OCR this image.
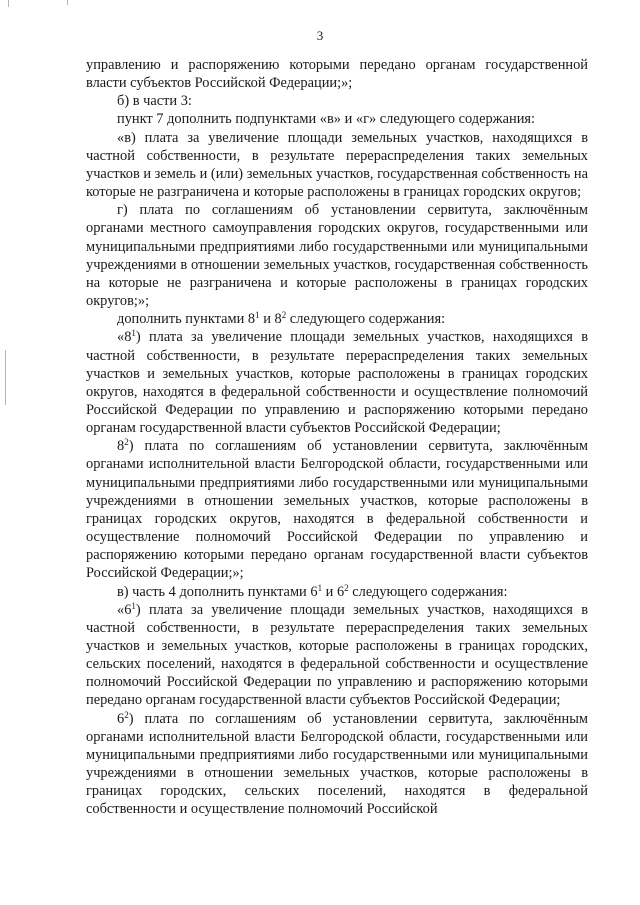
3

управлению и распоряжению которыми передано органам государственной власти субъектов Российской Федерации;»;

б) в части 3:

пункт 7 дополнить подпунктами «в» и «г» следующего содержания:

«в) плата за увеличение площади земельных участков, находящихся в частной собственности, в результате перераспределения таких земельных участков и земель и (или) земельных участков, государственная собственность на которые не разграничена и которые расположены в границах городских округов;

г) плата по соглашениям об установлении сервитута, заключённым органами местного самоуправления городских округов, государственными или муниципальными предприятиями либо государственными или муниципальными учреждениями в отношении земельных участков, государственная собственность на которые не разграничена и которые расположены в границах городских округов;»;

дополнить пунктами $8^1$ и $8^2$ следующего содержания:

«$8^1$) плата за увеличение площади земельных участков, находящихся в частной собственности, в результате перераспределения таких земельных участков и земельных участков, которые расположены в границах городских округов, находятся в федеральной собственности и осуществление полномочий Российской Федерации по управлению и распоряжению которыми передано органам государственной власти субъектов Российской Федерации;

$8^2$) плата по соглашениям об установлении сервитута, заключённым органами исполнительной власти Белгородской области, государственными или муниципальными предприятиями либо государственными или муниципальными учреждениями в отношении земельных участков, которые расположены в границах городских округов, находятся в федеральной собственности и осуществление полномочий Российской Федерации по управлению и распоряжению которыми передано органам государственной власти субъектов Российской Федерации;»;

в) часть 4 дополнить пунктами $6^1$ и $6^2$ следующего содержания:

«$6^1$) плата за увеличение площади земельных участков, находящихся в частной собственности, в результате перераспределения таких земельных участков и земельных участков, которые расположены в границах городских, сельских поселений, находятся в федеральной собственности и осуществление полномочий Российской Федерации по управлению и распоряжению которыми передано органам государственной власти субъектов Российской Федерации;

$6^2$) плата по соглашениям об установлении сервитута, заключённым органами исполнительной власти Белгородской области, государственными или муниципальными предприятиями либо государственными или муниципальными учреждениями в отношении земельных участков, которые расположены в границах городских, сельских поселений, находятся в федеральной собственности и осуществление полномочий Российской
